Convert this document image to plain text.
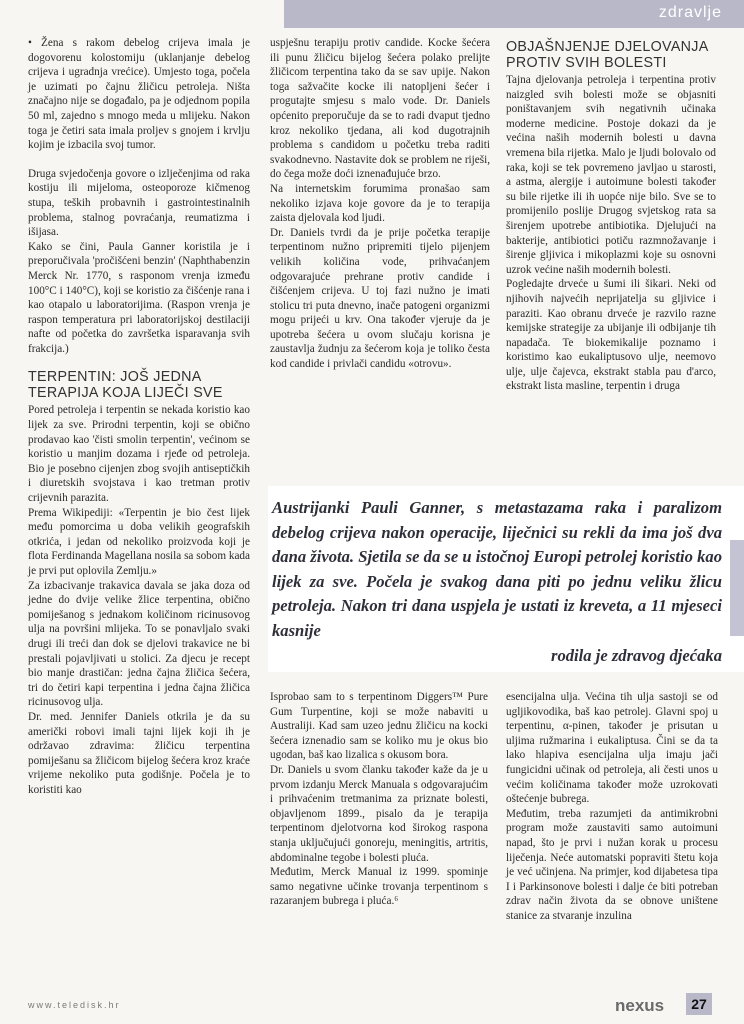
zdravlje

• Žena s rakom debelog crijeva imala je dogovorenu kolostomiju (uklanjanje debelog crijeva i ugradnja vrećice). Umjesto toga, počela je uzimati po čajnu žličicu petroleja. Ništa značajno nije se događalo, pa je odjednom popila 50 ml, zajedno s mnogo meda u mlijeku. Nakon toga je četiri sata imala proljev s gnojem i krvlju kojim je izbacila svoj tumor.

Druga svjedočenja govore o izlječenjima od raka kostiju ili mijeloma, osteoporoze kičmenog stupa, teških probavnih i gastrointestinalnih problema, stalnog povraćanja, reumatizma i išijasa.

Kako se čini, Paula Ganner koristila je i preporučivala 'pročišćeni benzin' (Naphthabenzin Merck Nr. 1770, s rasponom vrenja između 100°C i 140°C), koji se koristio za čišćenje rana i kao otapalo u laboratorijima. (Raspon vrenja je raspon temperatura pri laboratorijskoj destilaciji nafte od početka do završetka isparavanja svih frakcija.)

TERPENTIN: JOŠ JEDNA TERAPIJA KOJA LIJEČI SVE

Pored petroleja i terpentin se nekada koristio kao lijek za sve. Prirodni terpentin, koji se obično prodavao kao 'čisti smolin terpentin', većinom se koristio u manjim dozama i rjeđe od petroleja. Bio je posebno cijenjen zbog svojih antiseptičkih i diuretskih svojstava i kao tretman protiv crijevnih parazita.

Prema Wikipediji: «Terpentin je bio čest lijek među pomorcima u doba velikih geografskih otkrića, i jedan od nekoliko proizvoda koji je flota Ferdinanda Magellana nosila sa sobom kada je prvi put oplovila Zemlju.»

Za izbacivanje trakavica davala se jaka doza od jedne do dvije velike žlice terpentina, obično pomiješanog s jednakom količinom ricinusovog ulja na površini mlijeka. To se ponavljalo svaki drugi ili treći dan dok se djelovi trakavice ne bi prestali pojavljivati u stolici. Za djecu je recept bio manje drastičan: jedna čajna žličica šećera, tri do četiri kapi terpentina i jedna čajna žličica ricinusovog ulja.

Dr. med. Jennifer Daniels otkrila je da su američki robovi imali tajni lijek koji ih je održavao zdravima: žličicu terpentina pomiješanu sa žličicom bijelog šećera kroz kraće vrijeme nekoliko puta godišnje. Počela je to koristiti kao

uspješnu terapiju protiv candide. Kocke šećera ili punu žličicu bijelog šećera polako prelijte žličicom terpentina tako da se sav upije. Nakon toga sažvačite kocke ili natopljeni šećer i progutajte smjesu s malo vode. Dr. Daniels općenito preporučuje da se to radi dvaput tjedno kroz nekoliko tjedana, ali kod dugotrajnih problema s candidom u početku treba raditi svakodnevno. Nastavite dok se problem ne riješi, do čega može doći iznenađujuće brzo.

Na internetskim forumima pronašao sam nekoliko izjava koje govore da je to terapija zaista djelovala kod ljudi.

Dr. Daniels tvrdi da je prije početka terapije terpentinom nužno pripremiti tijelo pijenjem velikih količina vode, prihvaćanjem odgovarajuće prehrane protiv candide i čišćenjem crijeva. U toj fazi nužno je imati stolicu tri puta dnevno, inače patogeni organizmi mogu prijeći u krv. Ona također vjeruje da je upotreba šećera u ovom slučaju korisna je zaustavlja žudnju za šećerom koja je toliko česta kod candide i privlači candidu «otrovu».

OBJAŠNJENJE DJELOVANJA PROTIV SVIH BOLESTI

Tajna djelovanja petroleja i terpentina protiv naizgled svih bolesti može se objasniti poništavanjem svih negativnih učinaka moderne medicine. Postoje dokazi da je većina naših modernih bolesti u davna vremena bila rijetka. Malo je ljudi bolovalo od raka, koji se tek povremeno javljao u starosti, a astma, alergije i autoimune bolesti također su bile rijetke ili ih uopće nije bilo. Sve se to promijenilo poslije Drugog svjetskog rata sa širenjem upotrebe antibiotika. Djelujući na bakterije, antibiotici potiču razmnožavanje i širenje gljivica i mikoplazmi koje su osnovni uzrok većine naših modernih bolesti.

Pogledajte drveće u šumi ili šikari. Neki od njihovih najvećih neprijatelja su gljivice i paraziti. Kao obranu drveće je razvilo razne kemijske strategije za ubijanje ili odbijanje tih napadača. Te biokemikalije poznamo i koristimo kao eukaliptusovo ulje, neemovo ulje, ulje čajevca, ekstrakt stabla pau d'arco, ekstrakt lista masline, terpentin i druga

Austrijanki Pauli Ganner, s metastazama raka i paralizom debelog crijeva nakon operacije, liječnici su rekli da ima još dva dana života. Sjetila se da se u istočnoj Europi petrolej koristio kao lijek za sve. Počela je svakog dana piti po jednu veliku žlicu petroleja. Nakon tri dana uspjela je ustati iz kreveta, a 11 mjeseci kasnije
rodila je zdravog djećaka

Isprobao sam to s terpentinom Diggers™ Pure Gum Turpentine, koji se može nabaviti u Australiji. Kad sam uzeo jednu žličicu na kocki šećera iznenadio sam se koliko mu je okus bio ugodan, baš kao lizalica s okusom bora.

Dr. Daniels u svom članku također kaže da je u prvom izdanju Merck Manuala s odgovarajućim i prihvaćenim tretmanima za priznate bolesti, objavljenom 1899., pisalo da je terapija terpentinom djelotvorna kod širokog raspona stanja uključujući gonoreju, meningitis, artritis, abdominalne tegobe i bolesti pluća.

Međutim, Merck Manual iz 1999. spominje samo negativne učinke trovanja terpentinom s razaranjem bubrega i pluća.⁶

esencijalna ulja. Većina tih ulja sastoji se od ugljikovodika, baš kao petrolej. Glavni spoj u terpentinu, α-pinen, također je prisutan u uljima ružmarina i eukaliptusa. Čini se da ta lako hlapiva esencijalna ulja imaju jači fungicidni učinak od petroleja, ali česti unos u većim količinama također može uzrokovati oštećenje bubrega.

Međutim, treba razumjeti da antimikrobni program može zaustaviti samo autoimuni napad, što je prvi i nužan korak u procesu liječenja. Neće automatski popraviti štetu koja je već učinjena. Na primjer, kod dijabetesa tipa I i Parkinsonove bolesti i dalje će biti potreban zdrav način života da se obnove uništene stanice za stvaranje inzulina

www.teledisk.hr	nexus	27
